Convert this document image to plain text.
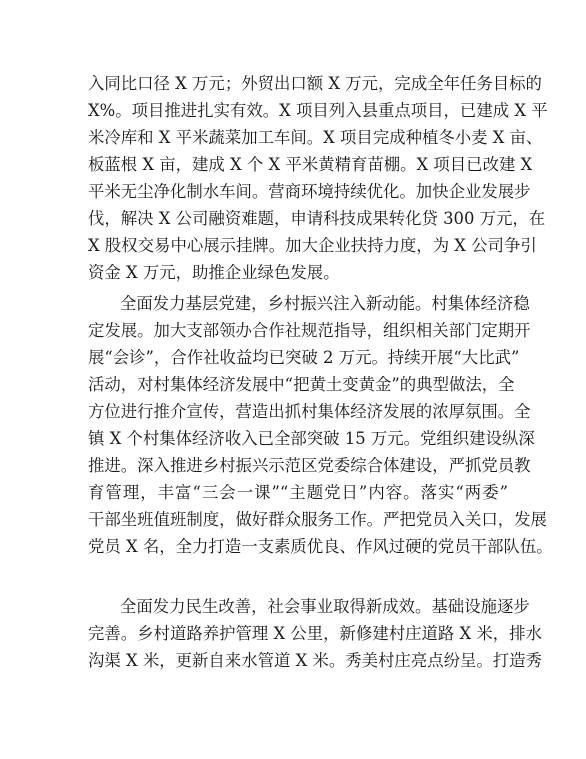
入同比口径 X 万元；外贸出口额 X 万元，完成全年任务目标的
X%。项目推进扎实有效。X 项目列入县重点项目，已建成 X 平
米冷库和 X 平米蔬菜加工车间。X 项目完成种植冬小麦 X 亩、
板蓝根 X 亩，建成 X 个 X 平米黄精育苗棚。X 项目已改建 X
平米无尘净化制水车间。营商环境持续优化。加快企业发展步
伐，解决 X 公司融资难题，申请科技成果转化贷 300 万元，在
X 股权交易中心展示挂牌。加大企业扶持力度，为 X 公司争引
资金 X 万元，助推企业绿色发展。
全面发力基层党建，乡村振兴注入新动能。村集体经济稳
定发展。加大支部领办合作社规范指导，组织相关部门定期开
展“会诊”，合作社收益均已突破 2 万元。持续开展“大比武”
活动，对村集体经济发展中“把黄土变黄金”的典型做法，全
方位进行推介宣传，营造出抓村集体经济发展的浓厚氛围。全
镇 X 个村集体经济收入已全部突破 15 万元。党组织建设纵深
推进。深入推进乡村振兴示范区党委综合体建设，严抓党员教
育管理，丰富“三会一课”“主题党日”内容。落实“两委”
干部坐班值班制度，做好群众服务工作。严把党员入关口，发展
党员 X 名，全力打造一支素质优良、作风过硬的党员干部队伍。
全面发力民生改善，社会事业取得新成效。基础设施逐步
完善。乡村道路养护管理 X 公里，新修建村庄道路 X 米，排水
沟渠 X 米，更新自来水管道 X 米。秀美村庄亮点纷呈。打造秀
